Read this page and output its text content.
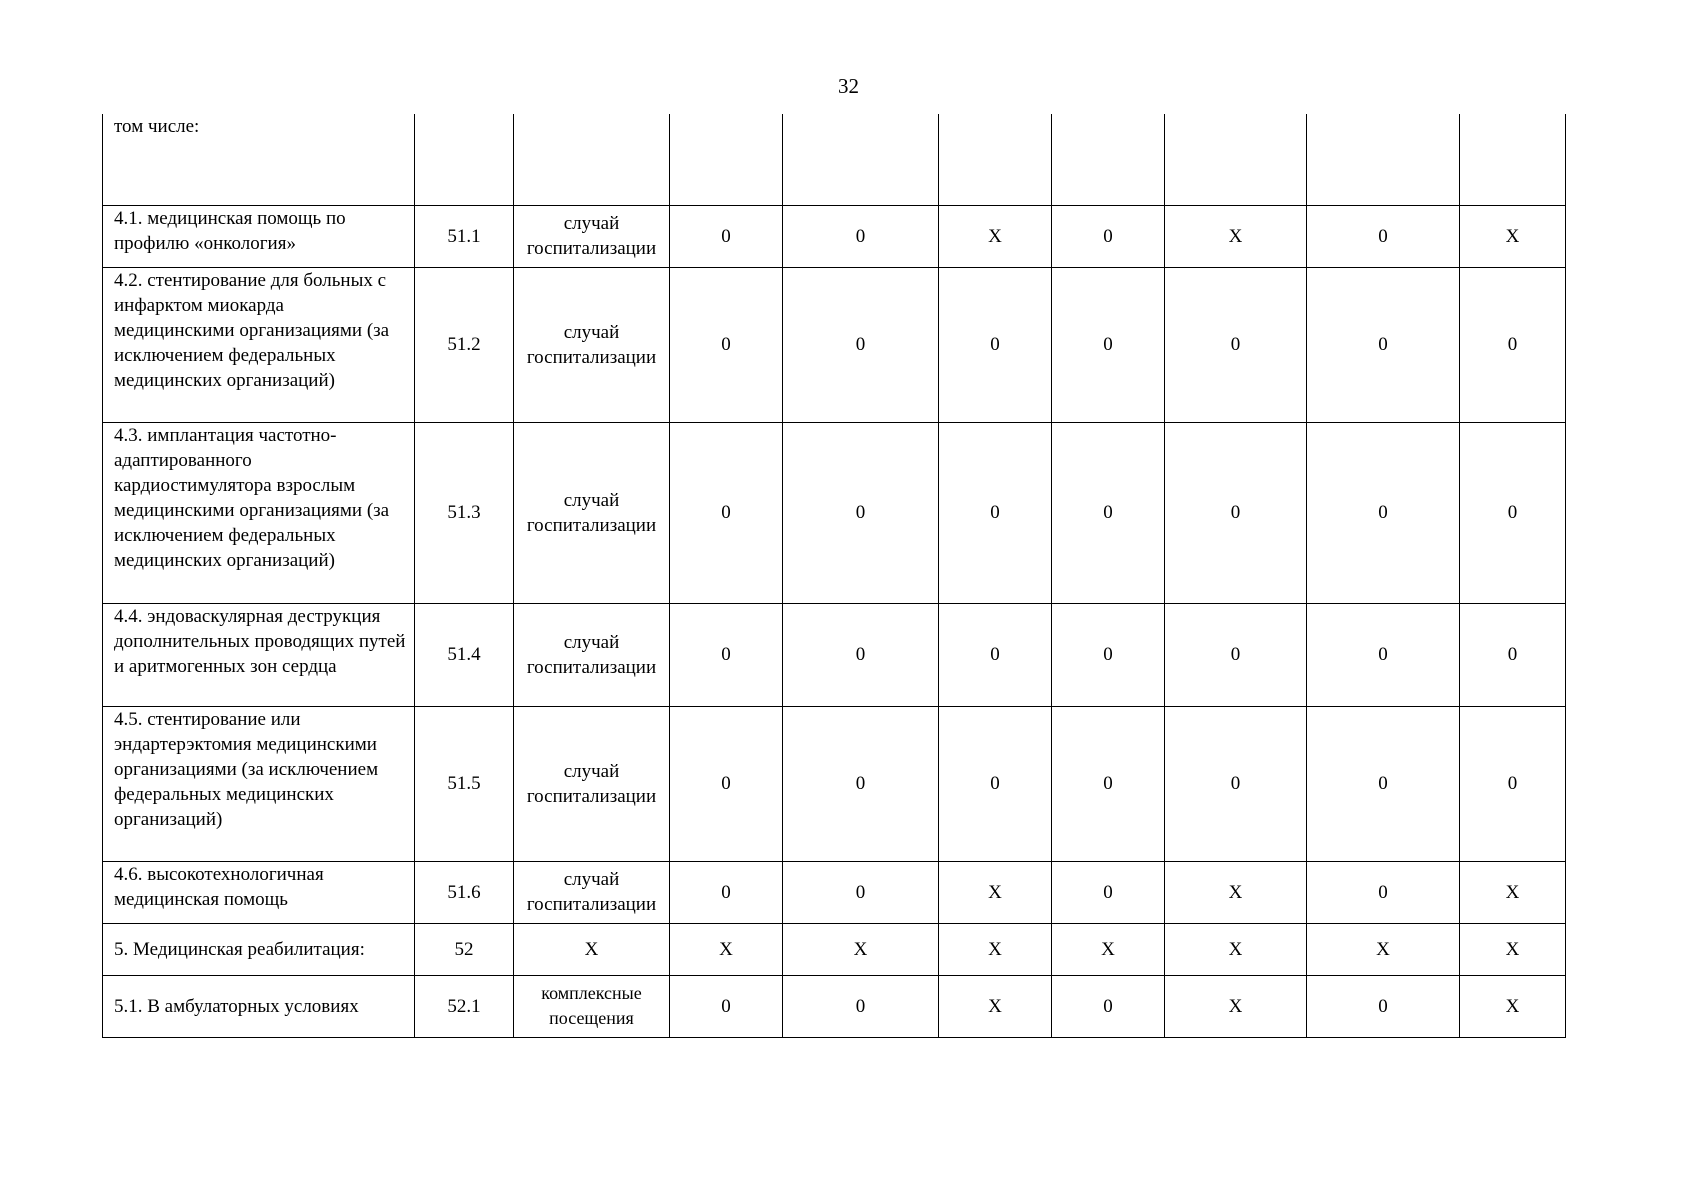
32
том числе:									
4.1. медицинская помощь по профилю «онкология»	51.1	случай госпитализации	0	0	X	0	X	0	X
4.2. стентирование для больных с инфарктом миокарда медицинскими организациями (за исключением федеральных медицинских организаций)	51.2	случай госпитализации	0	0	0	0	0	0	0
4.3. имплантация частотно-адаптированного кардиостимулятора взрослым медицинскими организациями (за исключением федеральных медицинских организаций)	51.3	случай госпитализации	0	0	0	0	0	0	0
4.4. эндоваскулярная деструкция дополнительных проводящих путей и аритмогенных зон сердца	51.4	случай госпитализации	0	0	0	0	0	0	0
4.5. стентирование или эндартерэктомия медицинскими организациями (за исключением федеральных медицинских организаций)	51.5	случай госпитализации	0	0	0	0	0	0	0
4.6. высокотехнологичная медицинская помощь	51.6	случай госпитализации	0	0	X	0	X	0	X
5. Медицинская реабилитация:	52	X	X	X	X	X	X	X	X
5.1. В амбулаторных условиях	52.1	комплексные посещения	0	0	X	0	X	0	X
